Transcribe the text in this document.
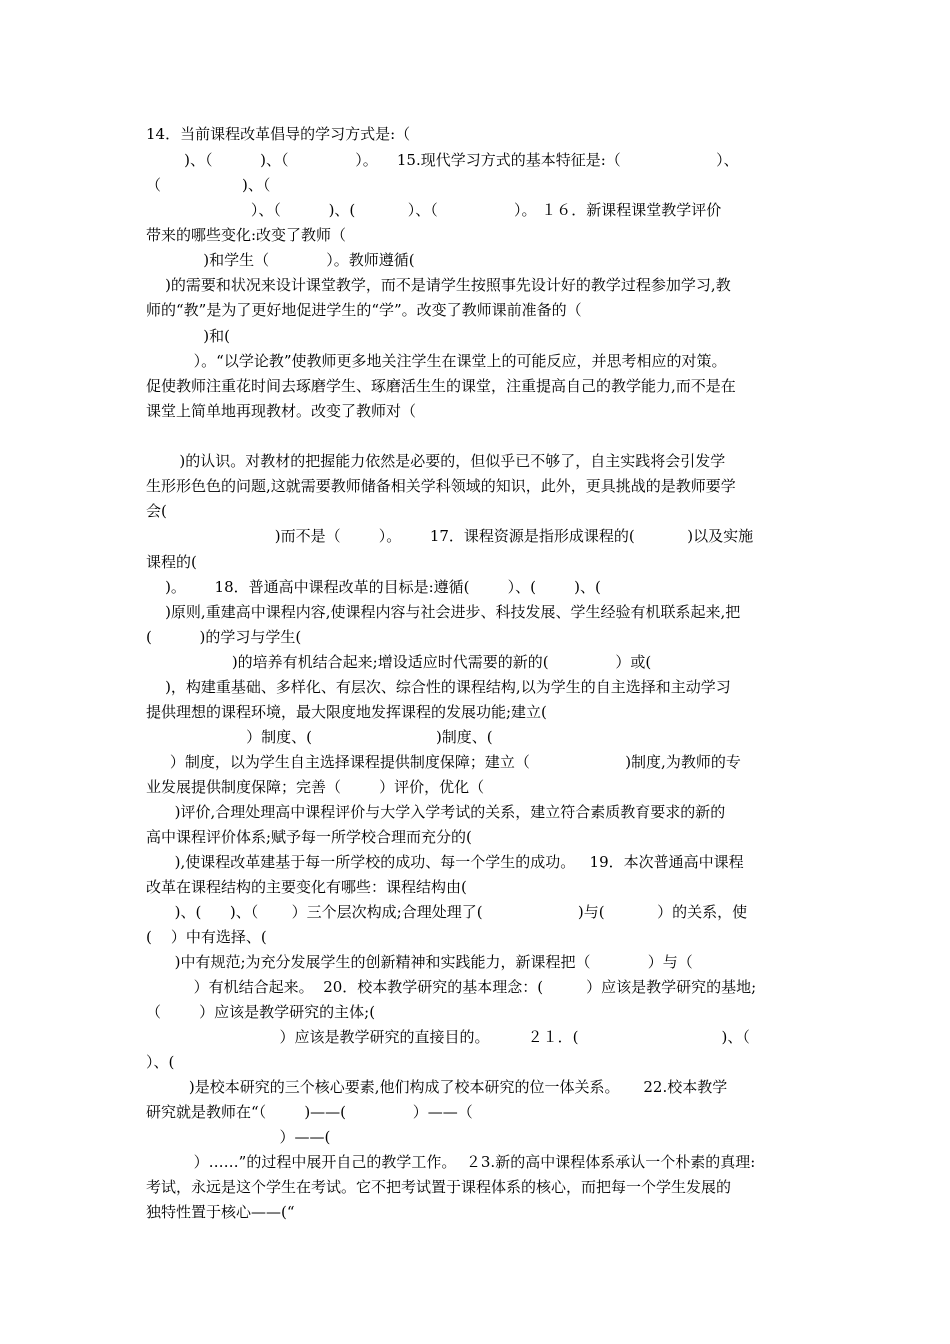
14．当前课程改革倡导的学习方式是:（
)、（          )、（              ）。    15.现代学习方式的基本特征是:（                    ）、
（                 )、（
）、（          )、(           ）、（                ）。 １６．新课程课堂教学评价
带来的哪些变化:改变了教师（
)和学生（            ）。教师遵循(
)的需要和状况来设计课堂教学，而不是请学生按照事先设计好的教学过程参加学习,教
师的“教”是为了更好地促进学生的“学”。改变了教师课前准备的（
)和(
）。“以学论教”使教师更多地关注学生在课堂上的可能反应，并思考相应的对策。
促使教师注重花时间去琢磨学生、琢磨活生生的课堂，注重提高自己的教学能力,而不是在
课堂上简单地再现教材。改变了教师对（
)的认识。对教材的把握能力依然是必要的，但似乎已不够了，自主实践将会引发学
生形形色色的问题,这就需要教师储备相关学科领域的知识，此外，更具挑战的是教师要学
会(
)而不是（        ）。      17．课程资源是指形成课程的(           )以及实施
课程的(
)。      18．普通高中课程改革的目标是:遵循(        ）、(        )、(
)原则,重建高中课程内容,使课程内容与社会进步、科技发展、学生经验有机联系起来,把
(          )的学习与学生(
)的培养有机结合起来;增设适应时代需要的新的(              ）或(
)，构建重基础、多样化、有层次、综合性的课程结构,以为学生的自主选择和主动学习
提供理想的课程环境，最大限度地发挥课程的发展功能;建立(
）制度、(                          )制度、(
）制度，以为学生自主选择课程提供制度保障；建立（                    )制度,为教师的专
业发展提供制度保障；完善（        ）评价，优化（
)评价,合理处理高中课程评价与大学入学考试的关系，建立符合素质教育要求的新的
高中课程评价体系;赋予每一所学校合理而充分的(
),使课程改革建基于每一所学校的成功、每一个学生的成功。   19．本次普通高中课程
改革在课程结构的主要变化有哪些：课程结构由(
)、(      )、（       ）三个层次构成;合理处理了(                    )与(           ）的关系，使
(    ）中有选择、(
)中有规范;为充分发展学生的创新精神和实践能力，新课程把（            ）与（
）有机结合起来。  20．校本教学研究的基本理念：(         ）应该是教学研究的基地;
（        ）应该是教学研究的主体;(
）应该是教学研究的直接目的。        ２１．(                              )、（
）、(
)是校本研究的三个核心要素,他们构成了校本研究的位一体关系。     22.校本教学
研究就是教师在“（        )——(              ）——（
）——(
）……”的过程中展开自己的教学工作。  ２3.新的高中课程体系承认一个朴素的真理:
考试，永远是这个学生在考试。它不把考试置于课程体系的核心，而把每一个学生发展的
独特性置于核心——(“
